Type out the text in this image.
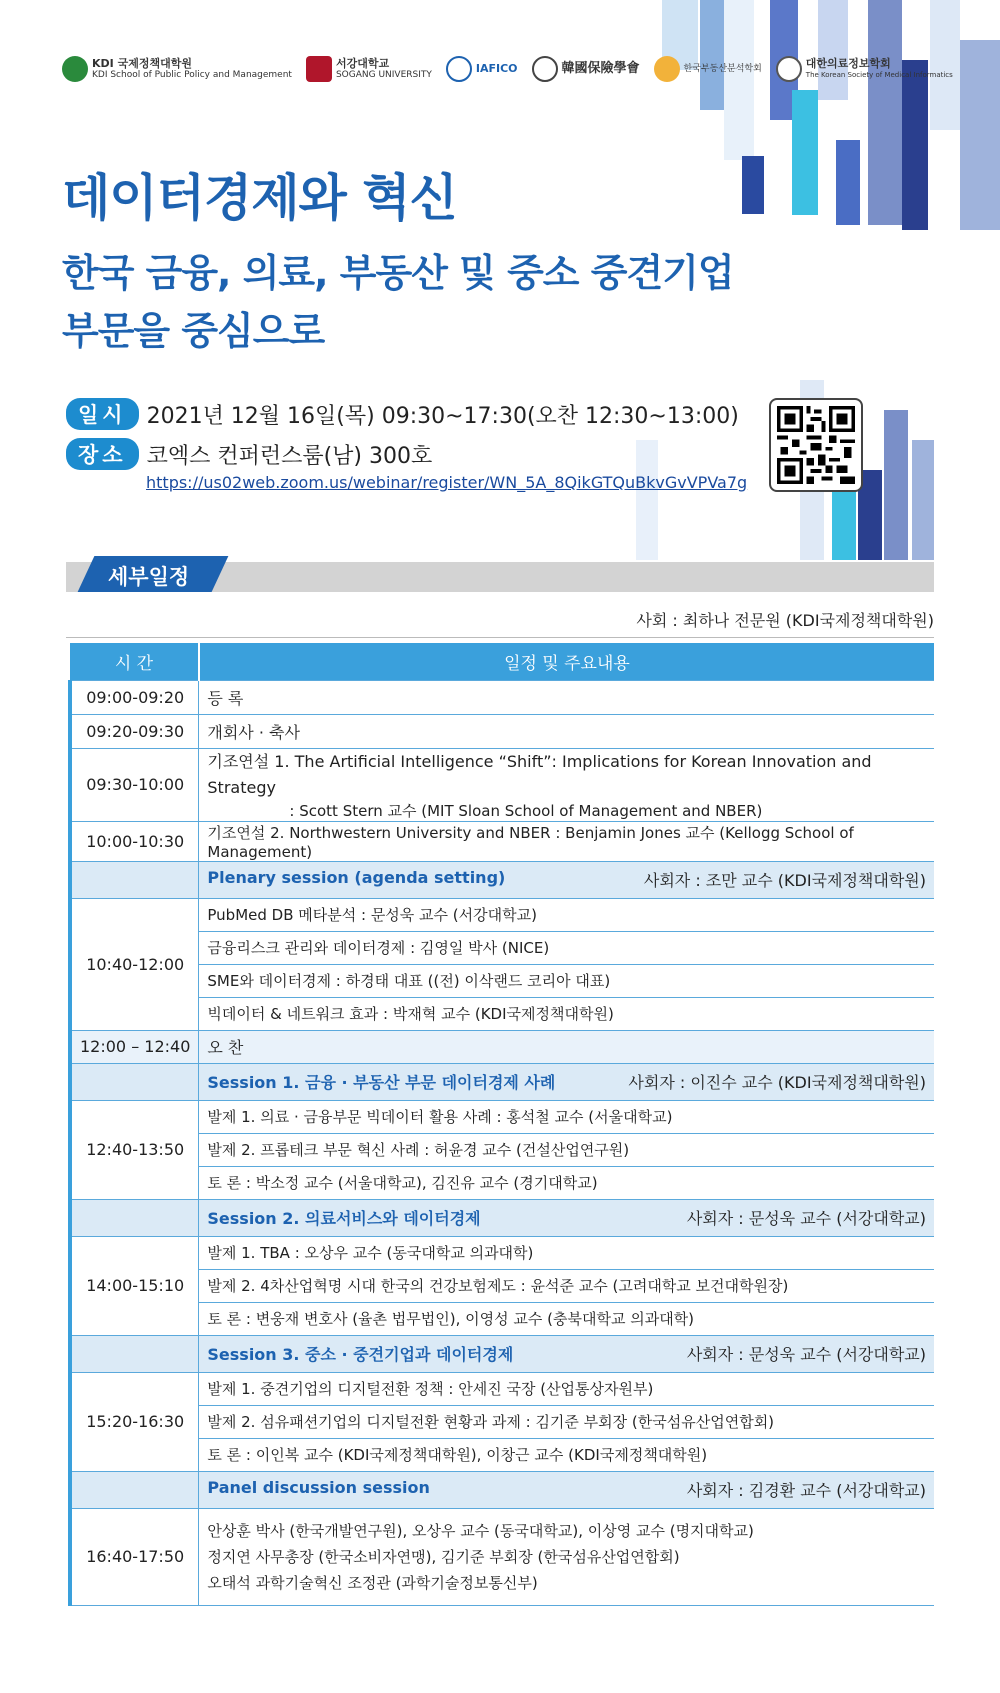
KDI 국제정책대학원
KDI School of Public Policy and Management
서강대학교
SOGANG UNIVERSITY
IAFICO	韓國保險學會	한국부동산분석학회	대한의료정보학회
The Korean Society of Medical Informatics
데이터경제와 혁신
한국 금융, 의료, 부동산 및 중소 중견기업
부문을 중심으로
일시 2021년 12월 16일(목) 09:30~17:30(오찬 12:30~13:00)
장소 코엑스 컨퍼런스룸(남) 300호
https://us02web.zoom.us/webinar/register/WN_5A_8QikGTQuBkvGvVPVa7g
세부일정
사회 : 최하나 전문원 (KDI국제정책대학원)
시 간	일정 및 주요내용
09:00-09:20	등 록
09:20-09:30	개회사 · 축사
09:30-10:00	기조연설 1. The Artificial Intelligence “Shift”: Implications for Korean Innovation and Strategy
: Scott Stern 교수 (MIT Sloan School of Management and NBER)

10:00-10:30	기조연설 2. Northwestern University and NBER : Benjamin Jones 교수 (Kellogg School of Management)
	Plenary session (agenda setting) 사회자 : 조만 교수 (KDI국제정책대학원)

10:40-12:00	PubMed DB 메타분석 : 문성욱 교수 (서강대학교)
	금융리스크 관리와 데이터경제 : 김영일 박사 (NICE)
	SME와 데이터경제 : 하경태 대표 ((전) 이삭랜드 코리아 대표)
	빅데이터 & 네트워크 효과 : 박재혁 교수 (KDI국제정책대학원)
12:00 – 12:40	오 찬
	Session 1. 금융 · 부동산 부문 데이터경제 사례 사회자 : 이진수 교수 (KDI국제정책대학원)

12:40-13:50	발제 1. 의료 · 금융부문 빅데이터 활용 사례 : 홍석철 교수 (서울대학교)
	발제 2. 프롭테크 부문 혁신 사례 : 허윤경 교수 (건설산업연구원)
	토 론 : 박소정 교수 (서울대학교), 김진유 교수 (경기대학교)
	Session 2. 의료서비스와 데이터경제 사회자 : 문성욱 교수 (서강대학교)

14:00-15:10	발제 1. TBA : 오상우 교수 (동국대학교 의과대학)
	발제 2. 4차산업혁명 시대 한국의 건강보험제도 : 윤석준 교수 (고려대학교 보건대학원장)
	토 론 : 변웅재 변호사 (율촌 법무법인), 이영성 교수 (충북대학교 의과대학)
	Session 3. 중소 · 중견기업과 데이터경제 사회자 : 문성욱 교수 (서강대학교)

15:20-16:30	발제 1. 중견기업의 디지털전환 정책 : 안세진 국장 (산업통상자원부)
	발제 2. 섬유패션기업의 디지털전환 현황과 과제 : 김기준 부회장 (한국섬유산업연합회)
	토 론 : 이인복 교수 (KDI국제정책대학원), 이창근 교수 (KDI국제정책대학원)
	Panel discussion session 사회자 : 김경환 교수 (서강대학교)

16:40-17:50	안상훈 박사 (한국개발연구원), 오상우 교수 (동국대학교), 이상영 교수 (명지대학교)
정지연 사무총장 (한국소비자연맹), 김기준 부회장 (한국섬유산업연합회)
오태석 과학기술혁신 조정관 (과학기술정보통신부)
